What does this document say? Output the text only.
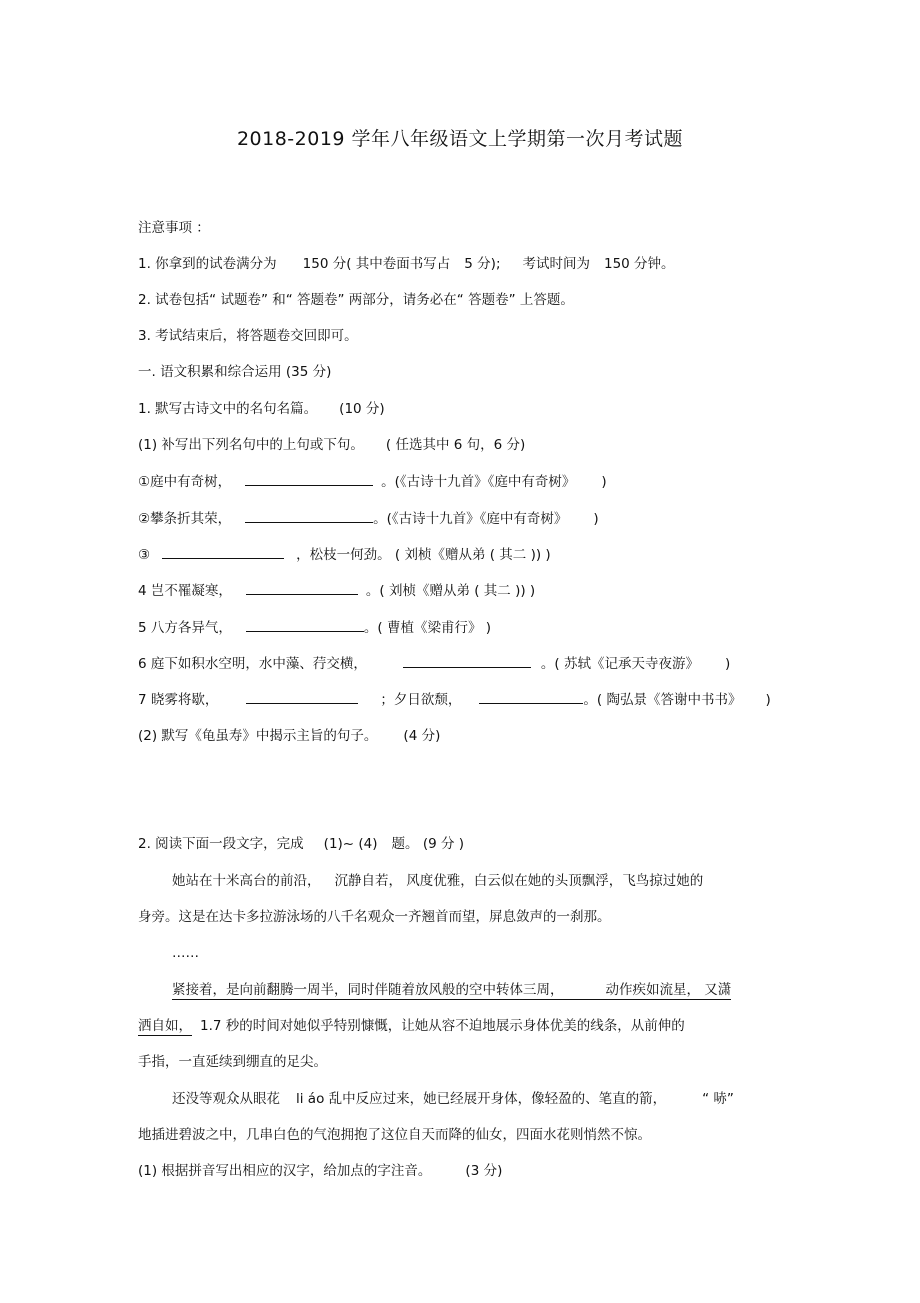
2018-2019 学年八年级语文上学期第一次月考试题
注意事项 ：
1. 你拿到的试卷满分为 150 分( 其中卷面书写占 5 分); 考试时间为 150 分钟。
2. 试卷包括“ 试题卷” 和“ 答题卷” 两部分，请务必在“ 答题卷” 上答题。
3. 考试结束后，将答题卷交回即可。
一. 语文积累和综合运用 (35 分)
1. 默写古诗文中的名句名篇。 (10 分)
(1) 补写出下列名句中的上句或下句。 ( 任选其中 6 句，6 分)
①庭中有奇树，	。(《古诗十九首》《庭中有奇树》 )
②攀条折其荣，	。(《古诗十九首》《庭中有奇树》 )
③	，松枝一何劲。 ( 刘桢《赠从弟 ( 其二 )) )
4 岂不罹凝寒，	。( 刘桢《赠从弟 ( 其二 )) )
5 八方各异气，	。( 曹植《梁甫行》 )
6 庭下如积水空明，水中藻、荇交横，	。( 苏轼《记承天寺夜游》 )
7 晓雾将歇，	；夕日欲颓，	。( 陶弘景《答谢中书书》 )
(2) 默写《龟虽寿》中揭示主旨的句子。 (4 分)
2. 阅读下面一段文字，完成 (1)~ (4) 题。 (9 分 )
她站在十米高台的前沿， 沉静自若， 风度优雅，白云似在她的头顶飘浮，飞鸟掠过她的
身旁。这是在达卡多拉游泳场的八千名观众一齐翘首而望，屏息敛声的一刹那。
……
紧接着，是向前翻腾一周半，同时伴随着放风般的空中转体三周，	动作疾如流星， 又潇
洒自如， 1.7 秒的时间对她似乎特别慷慨，让她从容不迫地展示身体优美的线条，从前伸的
手指，一直延续到绷直的足尖。
还没等观众从眼花 li áo 乱中反应过来，她已经展开身体，像轻盈的、笔直的箭，	“ 哧”
地插进碧波之中，几串白色的气泡拥抱了这位自天而降的仙女，四面水花则悄然不惊。
(1) 根据拼音写出相应的汉字，给加点的字注音。	(3 分)
